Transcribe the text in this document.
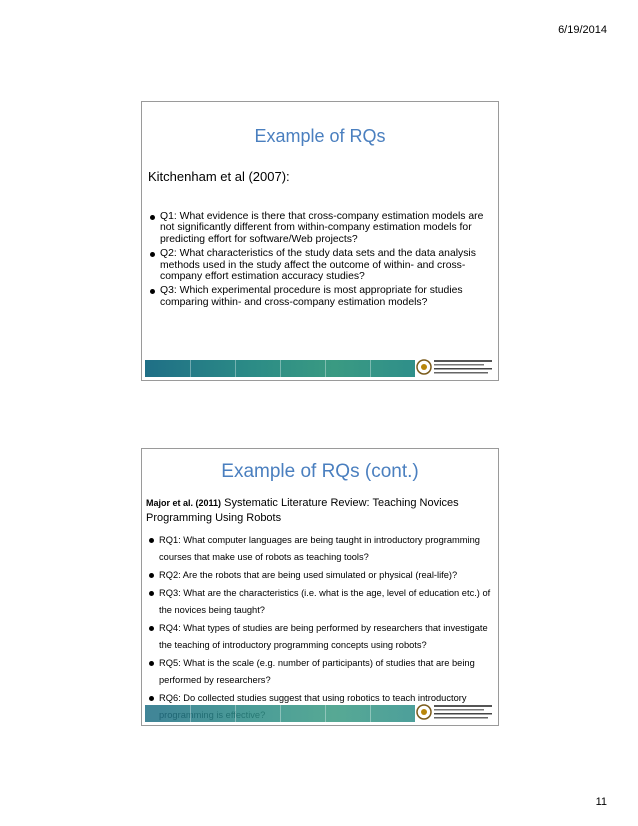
6/19/2014
Example of RQs
Kitchenham et al (2007):
Q1: What evidence is there that cross-company estimation models are not significantly different from within-company estimation models for predicting effort for software/Web projects?
Q2: What characteristics of the study data sets and the data analysis methods used in the study affect the outcome of within- and cross-company effort estimation accuracy studies?
Q3: Which experimental procedure is most appropriate for studies comparing within- and cross-company estimation models?
Example of RQs (cont.)
Major et al. (2011) Systematic Literature Review: Teaching Novices Programming Using Robots
RQ1: What computer languages are being taught in introductory programming courses that make use of robots as teaching tools?
RQ2: Are the robots that are being used simulated or physical (real-life)?
RQ3: What are the characteristics (i.e. what is the age, level of education etc.) of the novices being taught?
RQ4: What types of studies are being performed by researchers that investigate the teaching of introductory programming concepts using robots?
RQ5: What is the scale (e.g. number of participants) of studies that are being performed by researchers?
RQ6: Do collected studies suggest that using robotics to teach introductory
11
